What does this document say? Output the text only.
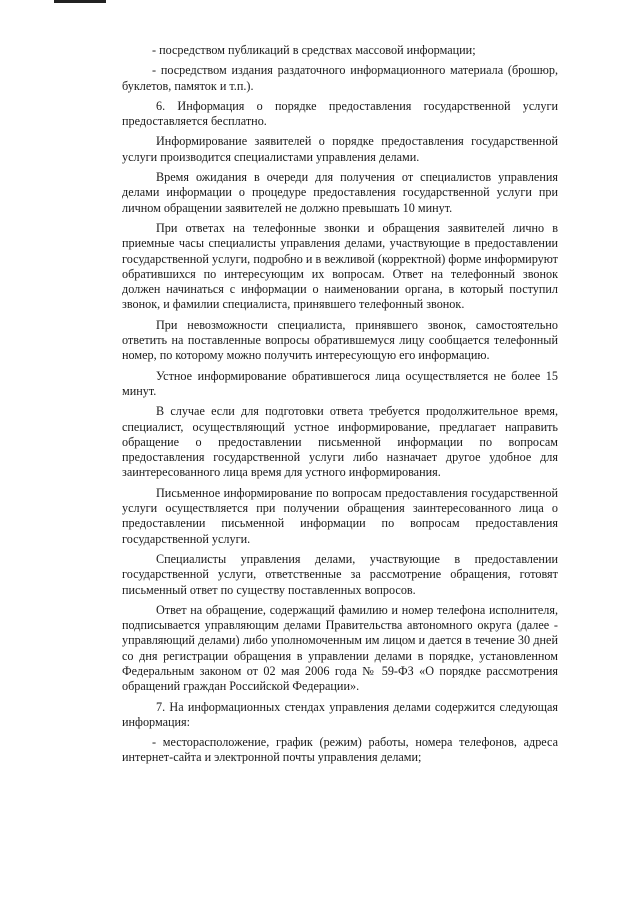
- посредством публикаций в средствах массовой информации;

- посредством издания раздаточного информационного материала (брошюр, буклетов, памяток и т.п.).

6. Информация о порядке предоставления государственной услуги предоставляется бесплатно.

Информирование заявителей о порядке предоставления государственной услуги производится специалистами управления делами.

Время ожидания в очереди для получения от специалистов управления делами информации о процедуре предоставления государственной услуги при личном обращении заявителей не должно превышать 10 минут.

При ответах на телефонные звонки и обращения заявителей лично в приемные часы специалисты управления делами, участвующие в предоставлении государственной услуги, подробно и в вежливой (корректной) форме информируют обратившихся по интересующим их вопросам. Ответ на телефонный звонок должен начинаться с информации о наименовании органа, в который поступил звонок, и фамилии специалиста, принявшего телефонный звонок.

При невозможности специалиста, принявшего звонок, самостоятельно ответить на поставленные вопросы обратившемуся лицу сообщается телефонный номер, по которому можно получить интересующую его информацию.

Устное информирование обратившегося лица осуществляется не более 15 минут.

В случае если для подготовки ответа требуется продолжительное время, специалист, осуществляющий устное информирование, предлагает направить обращение о предоставлении письменной информации по вопросам предоставления государственной услуги либо назначает другое удобное для заинтересованного лица время для устного информирования.

Письменное информирование по вопросам предоставления государственной услуги осуществляется при получении обращения заинтересованного лица о предоставлении письменной информации по вопросам предоставления государственной услуги.

Специалисты управления делами, участвующие в предоставлении государственной услуги, ответственные за рассмотрение обращения, готовят письменный ответ по существу поставленных вопросов.

Ответ на обращение, содержащий фамилию и номер телефона исполнителя, подписывается управляющим делами Правительства автономного округа (далее - управляющий делами) либо уполномоченным им лицом и дается в течение 30 дней со дня регистрации обращения в управлении делами в порядке, установленном Федеральным законом от 02 мая 2006 года № 59-ФЗ «О порядке рассмотрения обращений граждан Российской Федерации».

7. На информационных стендах управления делами содержится следующая информация:

- месторасположение, график (режим) работы, номера телефонов, адреса интернет-сайта и электронной почты управления делами;
